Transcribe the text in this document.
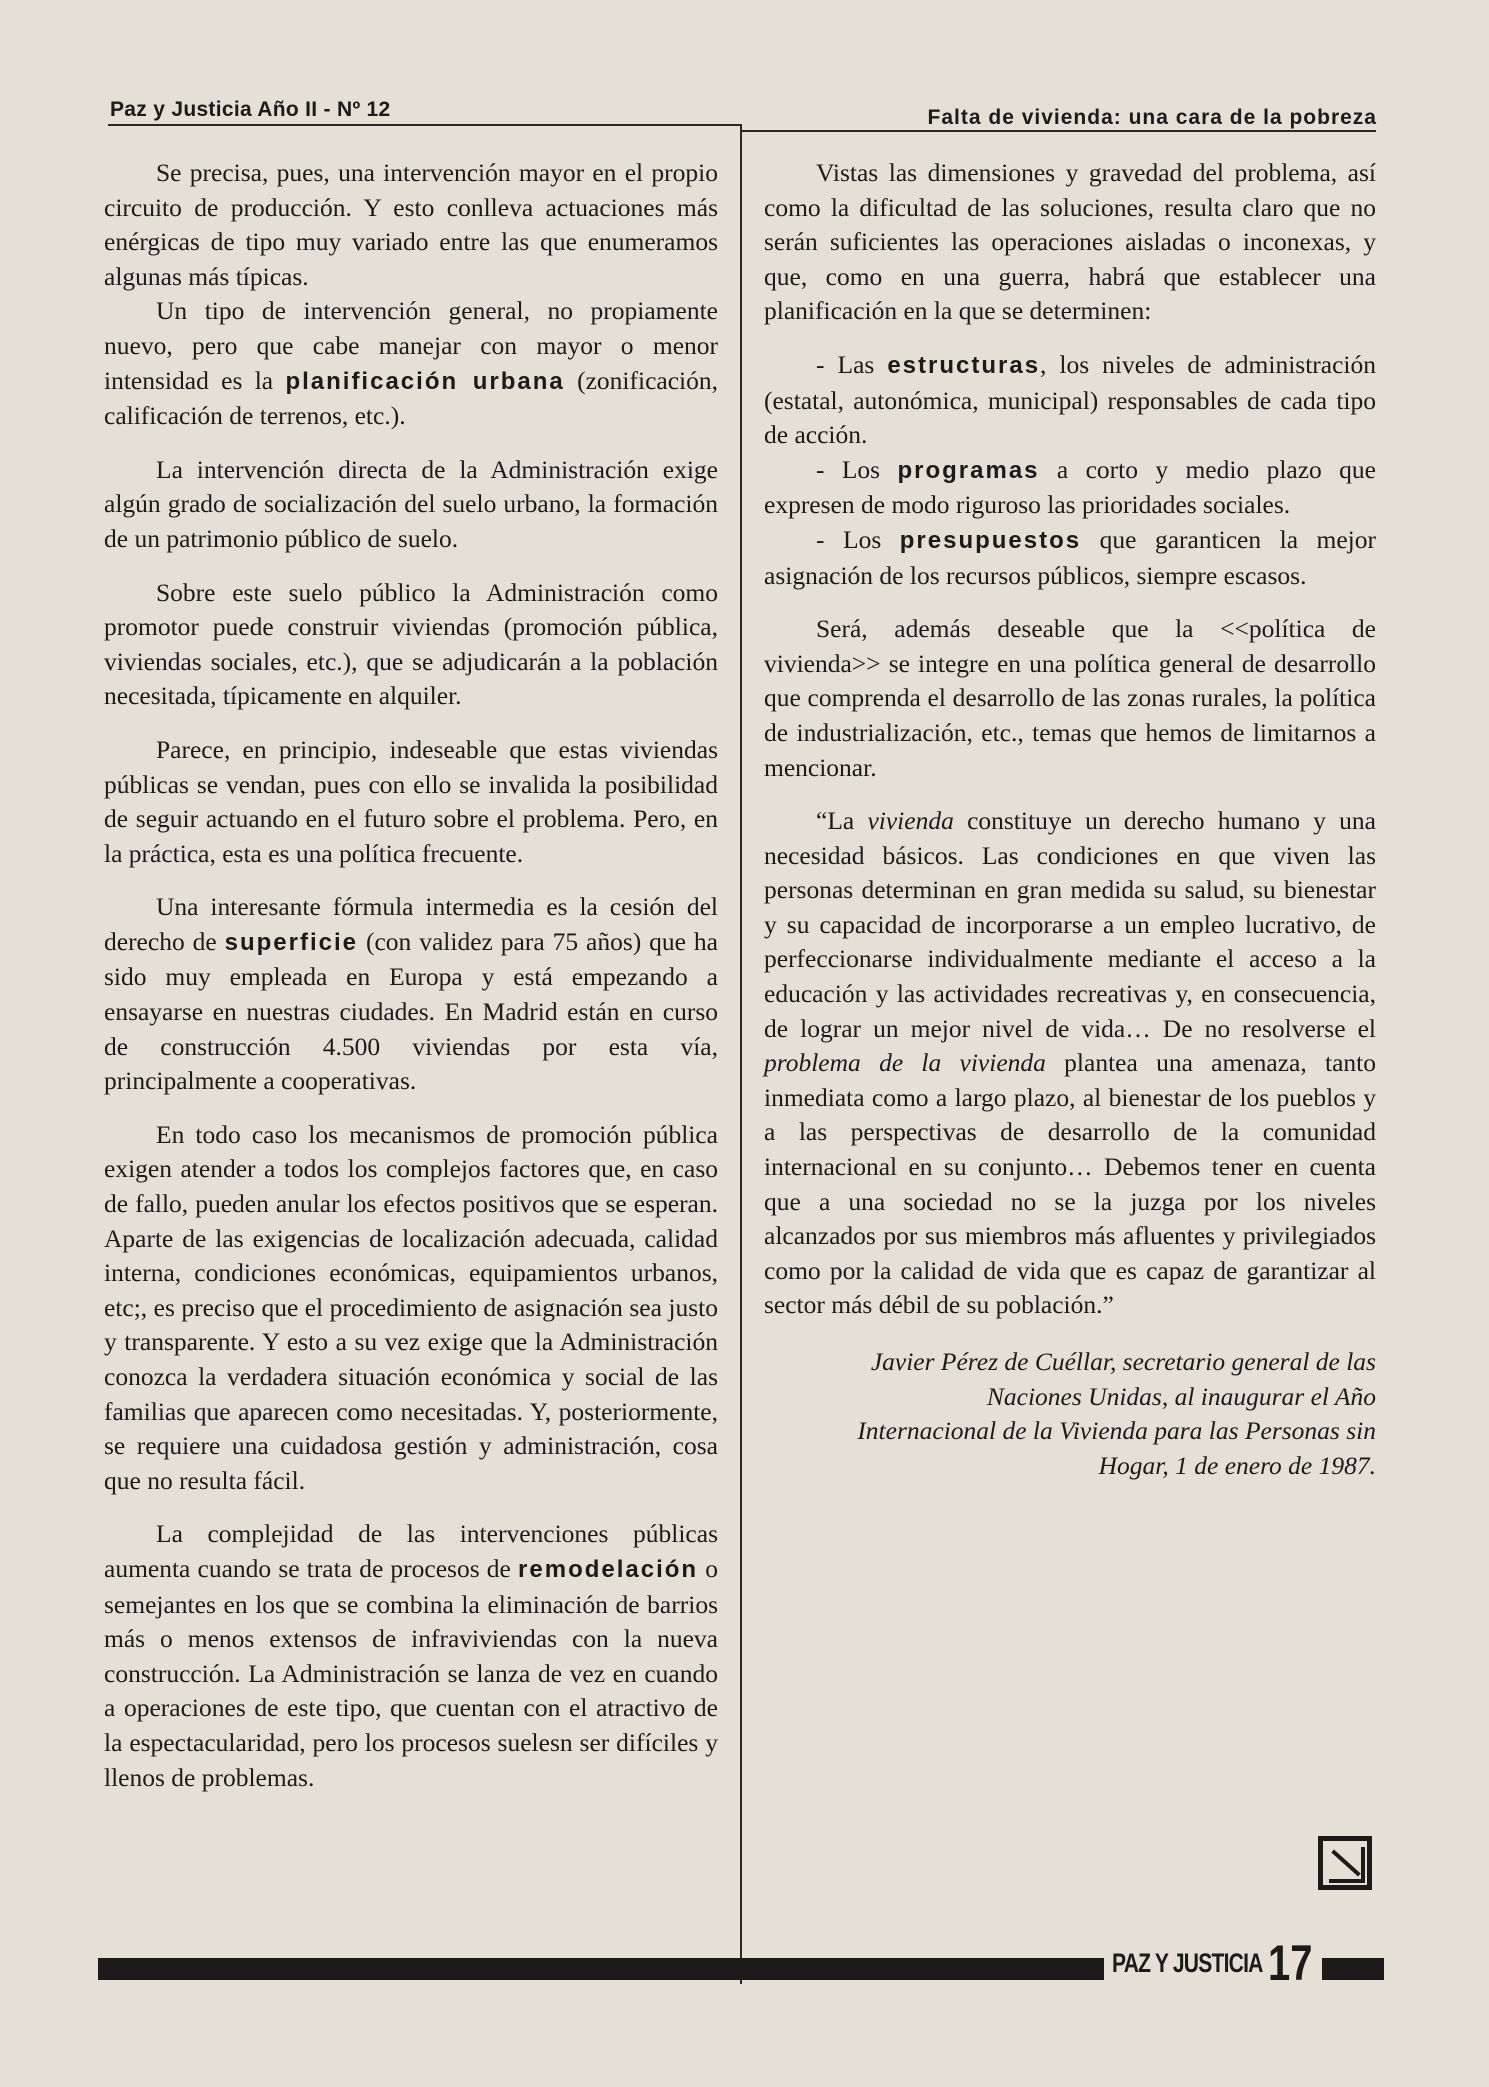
Paz y Justicia Año II - Nº 12	Falta de vivienda: una cara de la pobreza

Se precisa, pues, una intervención mayor en el propio circuito de producción. Y esto conlleva actuaciones más enérgicas de tipo muy variado entre las que enumeramos algunas más típicas.

Un tipo de intervención general, no propiamente nuevo, pero que cabe manejar con mayor o menor intensidad es la planificación urbana (zonificación, calificación de terrenos, etc.).

La intervención directa de la Administración exige algún grado de socialización del suelo urbano, la formación de un patrimonio público de suelo.

Sobre este suelo público la Administración como promotor puede construir viviendas (promoción pública, viviendas sociales, etc.), que se adjudicarán a la población necesitada, típicamente en alquiler.

Parece, en principio, indeseable que estas viviendas públicas se vendan, pues con ello se invalida la posibilidad de seguir actuando en el futuro sobre el problema. Pero, en la práctica, esta es una política frecuente.

Una interesante fórmula intermedia es la cesión del derecho de superficie (con validez para 75 años) que ha sido muy empleada en Europa y está empezando a ensayarse en nuestras ciudades. En Madrid están en curso de construcción 4.500 viviendas por esta vía, principalmente a cooperativas.

En todo caso los mecanismos de promoción pública exigen atender a todos los complejos factores que, en caso de fallo, pueden anular los efectos positivos que se esperan. Aparte de las exigencias de localización adecuada, calidad interna, condiciones económicas, equipamientos urbanos, etc;, es preciso que el procedimiento de asignación sea justo y transparente. Y esto a su vez exige que la Administración conozca la verdadera situación económica y social de las familias que aparecen como necesitadas. Y, posteriormente, se requiere una cuidadosa gestión y administración, cosa que no resulta fácil.

La complejidad de las intervenciones públicas aumenta cuando se trata de procesos de remodelación o semejantes en los que se combina la eliminación de barrios más o menos extensos de infraviviendas con la nueva construcción. La Administración se lanza de vez en cuando a operaciones de este tipo, que cuentan con el atractivo de la espectacularidad, pero los procesos suelesn ser difíciles y llenos de problemas.

Vistas las dimensiones y gravedad del problema, así como la dificultad de las soluciones, resulta claro que no serán suficientes las operaciones aisladas o inconexas, y que, como en una guerra, habrá que establecer una planificación en la que se determinen:

- Las estructuras, los niveles de administración (estatal, autonómica, municipal) responsables de cada tipo de acción.

- Los programas a corto y medio plazo que expresen de modo riguroso las prioridades sociales.

- Los presupuestos que garanticen la mejor asignación de los recursos públicos, siempre escasos.

Será, además deseable que la <<política de vivienda>> se integre en una política general de desarrollo que comprenda el desarrollo de las zonas rurales, la política de industrialización, etc., temas que hemos de limitarnos a mencionar.

“La vivienda constituye un derecho humano y una necesidad básicos. Las condiciones en que viven las personas determinan en gran medida su salud, su bienestar y su capacidad de incorporarse a un empleo lucrativo, de perfeccionarse individualmente mediante el acceso a la educación y las actividades recreativas y, en consecuencia, de lograr un mejor nivel de vida… De no resolverse el problema de la vivienda plantea una amenaza, tanto inmediata como a largo plazo, al bienestar de los pueblos y a las perspectivas de desarrollo de la comunidad internacional en su conjunto… Debemos tener en cuenta que a una sociedad no se la juzga por los niveles alcanzados por sus miembros más afluentes y privilegiados como por la calidad de vida que es capaz de garantizar al sector más débil de su población.”

Javier Pérez de Cuéllar, secretario general de las
Naciones Unidas, al inaugurar el Año
Internacional de la Vivienda para las Personas sin
Hogar, 1 de enero de 1987.
PAZ Y JUSTICIA 17
